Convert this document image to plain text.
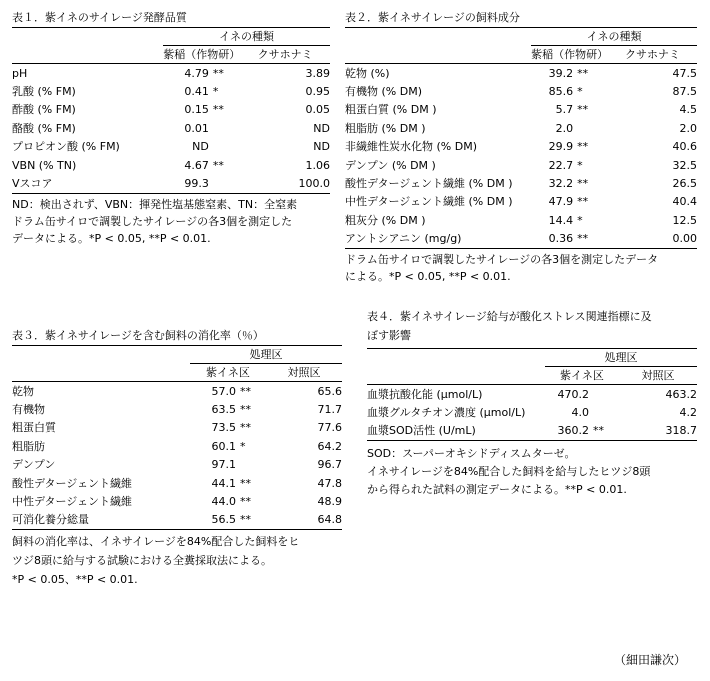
表１．紫イネのサイレージ発酵品質
	イネの種類		
	紫稲（作物研）		クサホナミ
pH	4.79	**	3.89
乳酸 (% FM)	0.41	*	0.95
酢酸 (% FM)	0.15	**	0.05
酪酸 (% FM)	0.01		ND
プロピオン酸 (% FM)	ND		ND
VBN (% TN)	4.67	**	1.06
Vスコア	99.3		100.0
ND：検出されず、VBN：揮発性塩基態窒素、TN：全窒素
ドラム缶サイロで調製したサイレージの各3個を測定した
データによる。*P < 0.05, **P < 0.01.
表２．紫イネサイレージの飼料成分
	イネの種類		
	紫稲（作物研）		クサホナミ
乾物 (%)	39.2	**	47.5
有機物 (% DM)	85.6	*	87.5
粗蛋白質 (% DM )	5.7	**	4.5
粗脂肪 (% DM )	2.0		2.0
非繊維性炭水化物 (% DM)	29.9	**	40.6
デンプン (% DM )	22.7	*	32.5
酸性デタージェント繊維 (% DM )	32.2	**	26.5
中性デタージェント繊維 (% DM )	47.9	**	40.4
粗灰分 (% DM )	14.4	*	12.5
アントシアニン (mg/g)	0.36	**	0.00
ドラム缶サイロで調製したサイレージの各3個を測定したデータ
による。*P < 0.05, **P < 0.01.
表３．紫イネサイレージを含む飼料の消化率（％）
	処理区		
	紫イネ区		対照区
乾物	57.0	**	65.6
有機物	63.5	**	71.7
粗蛋白質	73.5	**	77.6
粗脂肪	60.1	*	64.2
デンプン	97.1		96.7
酸性デタージェント繊維	44.1	**	47.8
中性デタージェント繊維	44.0	**	48.9
可消化養分総量	56.5	**	64.8
飼料の消化率は、イネサイレージを84%配合した飼料をヒ
ツジ8頭に給与する試験における全糞採取法による。
*P < 0.05、**P < 0.01.
表４．紫イネサイレージ給与が酸化ストレス関連指標に及
ぼす影響
	処理区		
	紫イネ区		対照区
血漿抗酸化能 (μmol/L)	470.2		463.2
血漿グルタチオン濃度 (μmol/L)	4.0		4.2
血漿SOD活性 (U/mL)	360.2	**	318.7
SOD：スーパーオキシドディスムターゼ。
イネサイレージを84%配合した飼料を給与したヒツジ8頭
から得られた試料の測定データによる。**P < 0.01.
（細田謙次）
